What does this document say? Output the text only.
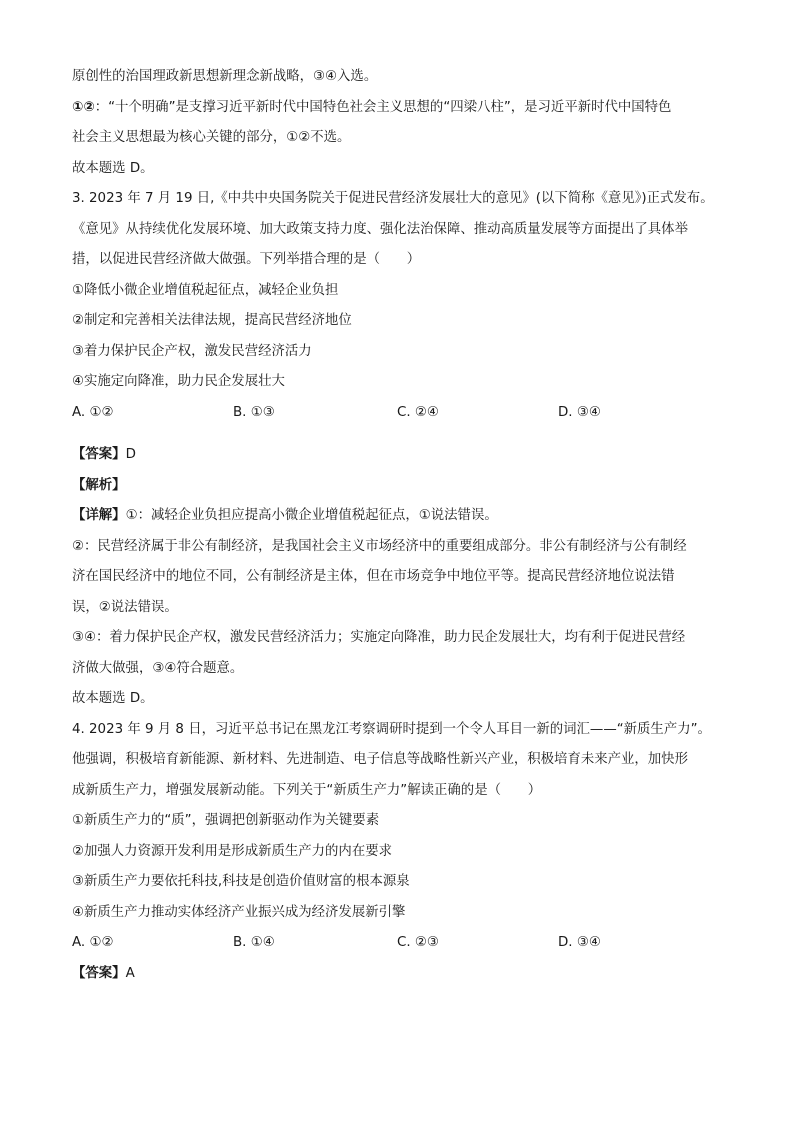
原创性的治国理政新思想新理念新战略，③④入选。
①②：“十个明确”是支撑习近平新时代中国特色社会主义思想的“四梁八柱”，是习近平新时代中国特色
社会主义思想最为核心关键的部分，①②不选。
故本题选 D。
3. 2023 年 7 月 19 日,《中共中央国务院关于促进民营经济发展壮大的意见》(以下简称《意见》)正式发布。
《意见》从持续优化发展环境、加大政策支持力度、强化法治保障、推动高质量发展等方面提出了具体举
措，以促进民营经济做大做强。下列举措合理的是（　　）
①降低小微企业增值税起征点，减轻企业负担
②制定和完善相关法律法规，提高民营经济地位
③着力保护民企产权，激发民营经济活力
④实施定向降准，助力民企发展壮大
A. ①②	B. ①③	C. ②④	D. ③④
【答案】D
【解析】
【详解】①：减轻企业负担应提高小微企业增值税起征点，①说法错误。
②：民营经济属于非公有制经济，是我国社会主义市场经济中的重要组成部分。非公有制经济与公有制经
济在国民经济中的地位不同，公有制经济是主体，但在市场竞争中地位平等。提高民营经济地位说法错
误，②说法错误。
③④：着力保护民企产权，激发民营经济活力；实施定向降准，助力民企发展壮大，均有利于促进民营经
济做大做强，③④符合题意。
故本题选 D。
4. 2023 年 9 月 8 日，习近平总书记在黑龙江考察调研时提到一个令人耳目一新的词汇——“新质生产力”。
他强调，积极培育新能源、新材料、先进制造、电子信息等战略性新兴产业，积极培育未来产业，加快形
成新质生产力，增强发展新动能。下列关于“新质生产力”解读正确的是（　　）
①新质生产力的“质”，强调把创新驱动作为关键要素
②加强人力资源开发利用是形成新质生产力的内在要求
③新质生产力要依托科技,科技是创造价值财富的根本源泉
④新质生产力推动实体经济产业振兴成为经济发展新引擎
A. ①②	B. ①④	C. ②③	D. ③④
【答案】A
